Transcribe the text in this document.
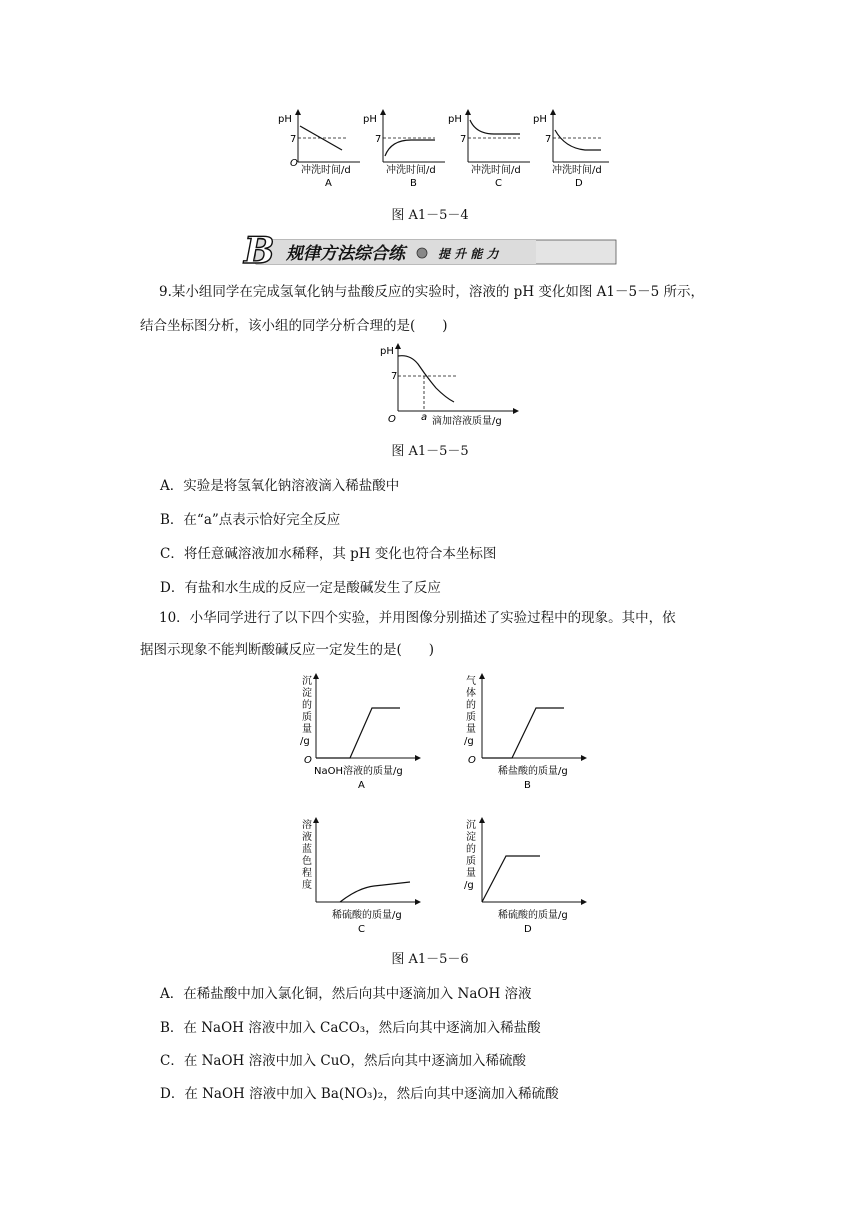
pH
7
O
冲洗时间/d
A
pH
7
冲洗时间/d
B
pH
7
冲洗时间/d
C
pH
7
冲洗时间/d
D
图 A1－5－4
B 规律方法综合练	提 升 能 力
9.某小组同学在完成氢氧化钠与盐酸反应的实验时，溶液的 pH 变化如图 A1－5－5 所示，
结合坐标图分析，该小组的同学分析合理的是(　　)
pH
7
O	a 滴加溶液质量/g
图 A1－5－5
A．实验是将氢氧化钠溶液滴入稀盐酸中
B．在“a”点表示恰好完全反应
C．将任意碱溶液加水稀释，其 pH 变化也符合本坐标图
D．有盐和水生成的反应一定是酸碱发生了反应
10．小华同学进行了以下四个实验，并用图像分别描述了实验过程中的现象。其中，依
据图示现象不能判断酸碱反应一定发生的是(　　)
沉
淀
的
质
量
/g
O
NaOH溶液的质量/g
A
气
体
的
质
量
/g
O
稀盐酸的质量/g
B
溶
液
蓝
色
程
度
稀硫酸的质量/g
C
沉
淀
的
质
量
/g
稀硫酸的质量/g
D
图 A1－5－6
A．在稀盐酸中加入氯化铜，然后向其中逐滴加入 NaOH 溶液
B．在 NaOH 溶液中加入 CaCO₃，然后向其中逐滴加入稀盐酸
C．在 NaOH 溶液中加入 CuO，然后向其中逐滴加入稀硫酸
D．在 NaOH 溶液中加入 Ba(NO₃)₂，然后向其中逐滴加入稀硫酸
